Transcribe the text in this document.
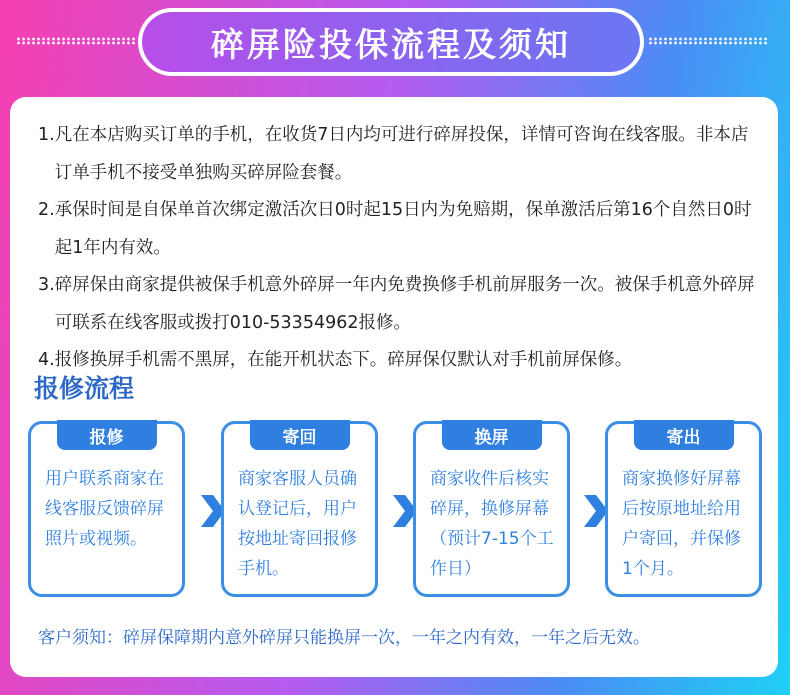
碎屏险投保流程及须知
1. 凡在本店购买订单的手机，在收货7日内均可进行碎屏投保，详情可咨询在线客服。非本店订单手机不接受单独购买碎屏险套餐。
2. 承保时间是自保单首次绑定激活次日0时起15日内为免赔期，保单激活后第16个自然日0时起1年内有效。
3. 碎屏保由商家提供被保手机意外碎屏一年内免费换修手机前屏服务一次。被保手机意外碎屏可联系在线客服或拨打010-53354962报修。
4. 报修换屏手机需不黑屏，在能开机状态下。碎屏保仅默认对手机前屏保修。
报修流程
报修
用户联系商家在线客服反馈碎屏照片或视频。
寄回
商家客服人员确认登记后，用户按地址寄回报修手机。
换屏
商家收件后核实碎屏，换修屏幕（预计7-15个工作日）
寄出
商家换修好屏幕后按原地址给用户寄回，并保修1个月。
客户须知：碎屏保障期内意外碎屏只能换屏一次，一年之内有效，一年之后无效。
